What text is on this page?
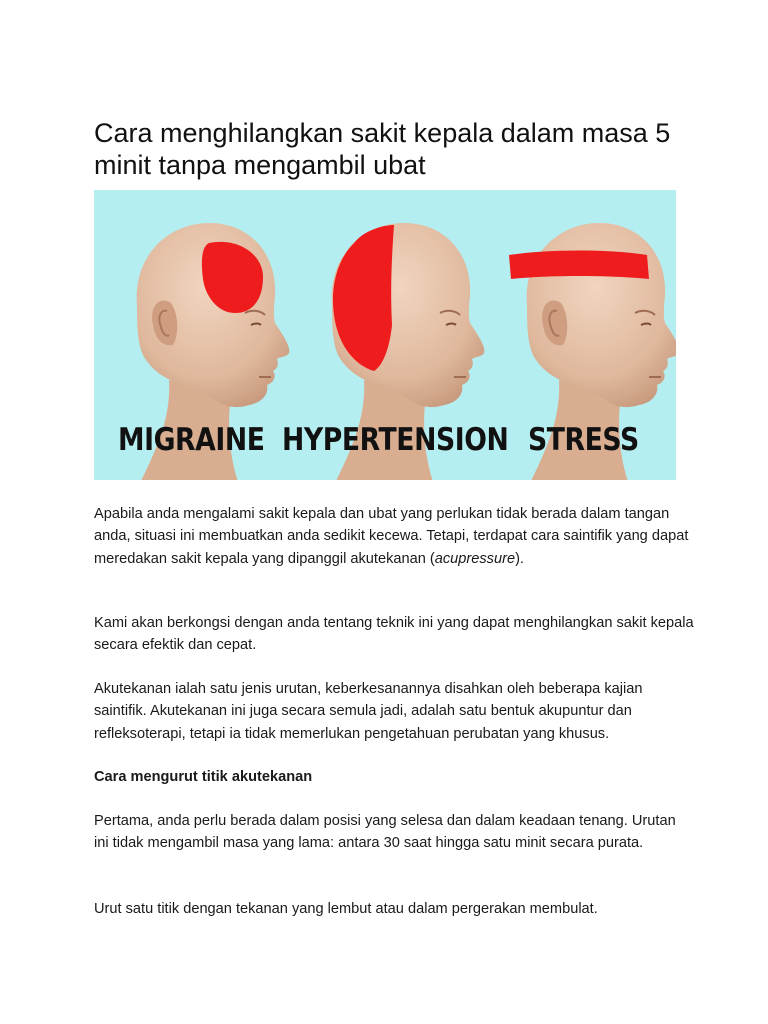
Cara menghilangkan sakit kepala dalam masa 5 minit tanpa mengambil ubat
MIGRAINE HYPERTENSION STRESS

Apabila anda mengalami sakit kepala dan ubat yang perlukan tidak berada dalam tangan anda, situasi ini membuatkan anda sedikit kecewa. Tetapi, terdapat cara saintifik yang dapat meredakan sakit kepala yang dipanggil akutekanan (acupressure).

Kami akan berkongsi dengan anda tentang teknik ini yang dapat menghilangkan sakit kepala secara efektik dan cepat.

Akutekanan ialah satu jenis urutan, keberkesanannya disahkan oleh beberapa kajian saintifik. Akutekanan ini juga secara semula jadi, adalah satu bentuk akupuntur dan refleksoterapi, tetapi ia tidak memerlukan pengetahuan perubatan yang khusus.

Cara mengurut titik akutekanan

Pertama, anda perlu berada dalam posisi yang selesa dan dalam keadaan tenang. Urutan ini tidak mengambil masa yang lama: antara 30 saat hingga satu minit secara purata.

Urut satu titik dengan tekanan yang lembut atau dalam pergerakan membulat.
